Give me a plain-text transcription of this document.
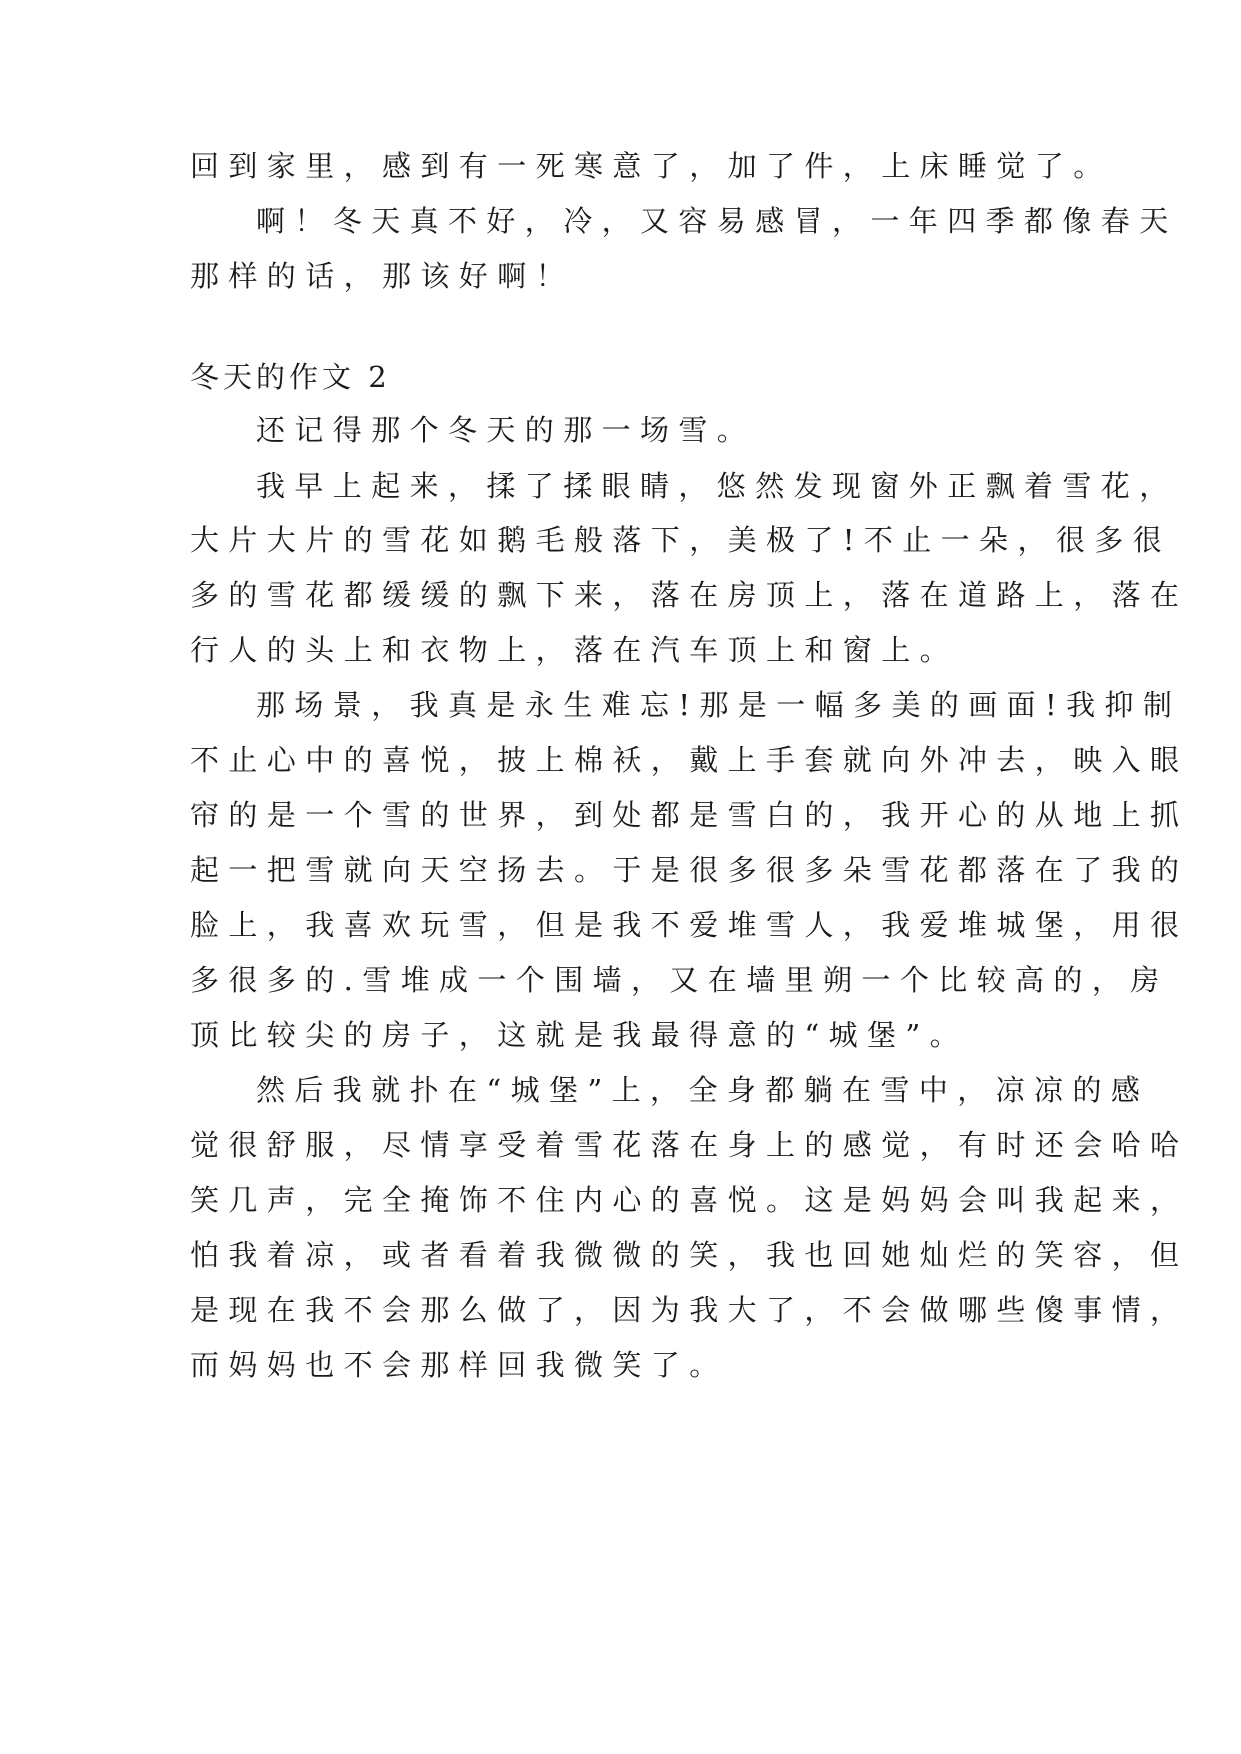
回到家里，感到有一死寒意了，加了件，上床睡觉了。
啊！冬天真不好，冷，又容易感冒，一年四季都像春天
那样的话，那该好啊！
冬天的作文 2
还记得那个冬天的那一场雪。
我早上起来，揉了揉眼睛，悠然发现窗外正飘着雪花，
大片大片的雪花如鹅毛般落下，美极了!不止一朵，很多很
多的雪花都缓缓的飘下来，落在房顶上，落在道路上，落在
行人的头上和衣物上，落在汽车顶上和窗上。
那场景，我真是永生难忘!那是一幅多美的画面!我抑制
不止心中的喜悦，披上棉袄，戴上手套就向外冲去，映入眼
帘的是一个雪的世界，到处都是雪白的，我开心的从地上抓
起一把雪就向天空扬去。于是很多很多朵雪花都落在了我的
脸上，我喜欢玩雪，但是我不爱堆雪人，我爱堆城堡，用很
多很多的.雪堆成一个围墙，又在墙里朔一个比较高的，房
顶比较尖的房子，这就是我最得意的“城堡”。
然后我就扑在“城堡”上，全身都躺在雪中，凉凉的感
觉很舒服，尽情享受着雪花落在身上的感觉，有时还会哈哈
笑几声，完全掩饰不住内心的喜悦。这是妈妈会叫我起来，
怕我着凉，或者看着我微微的笑，我也回她灿烂的笑容，但
是现在我不会那么做了，因为我大了，不会做哪些傻事情，
而妈妈也不会那样回我微笑了。
